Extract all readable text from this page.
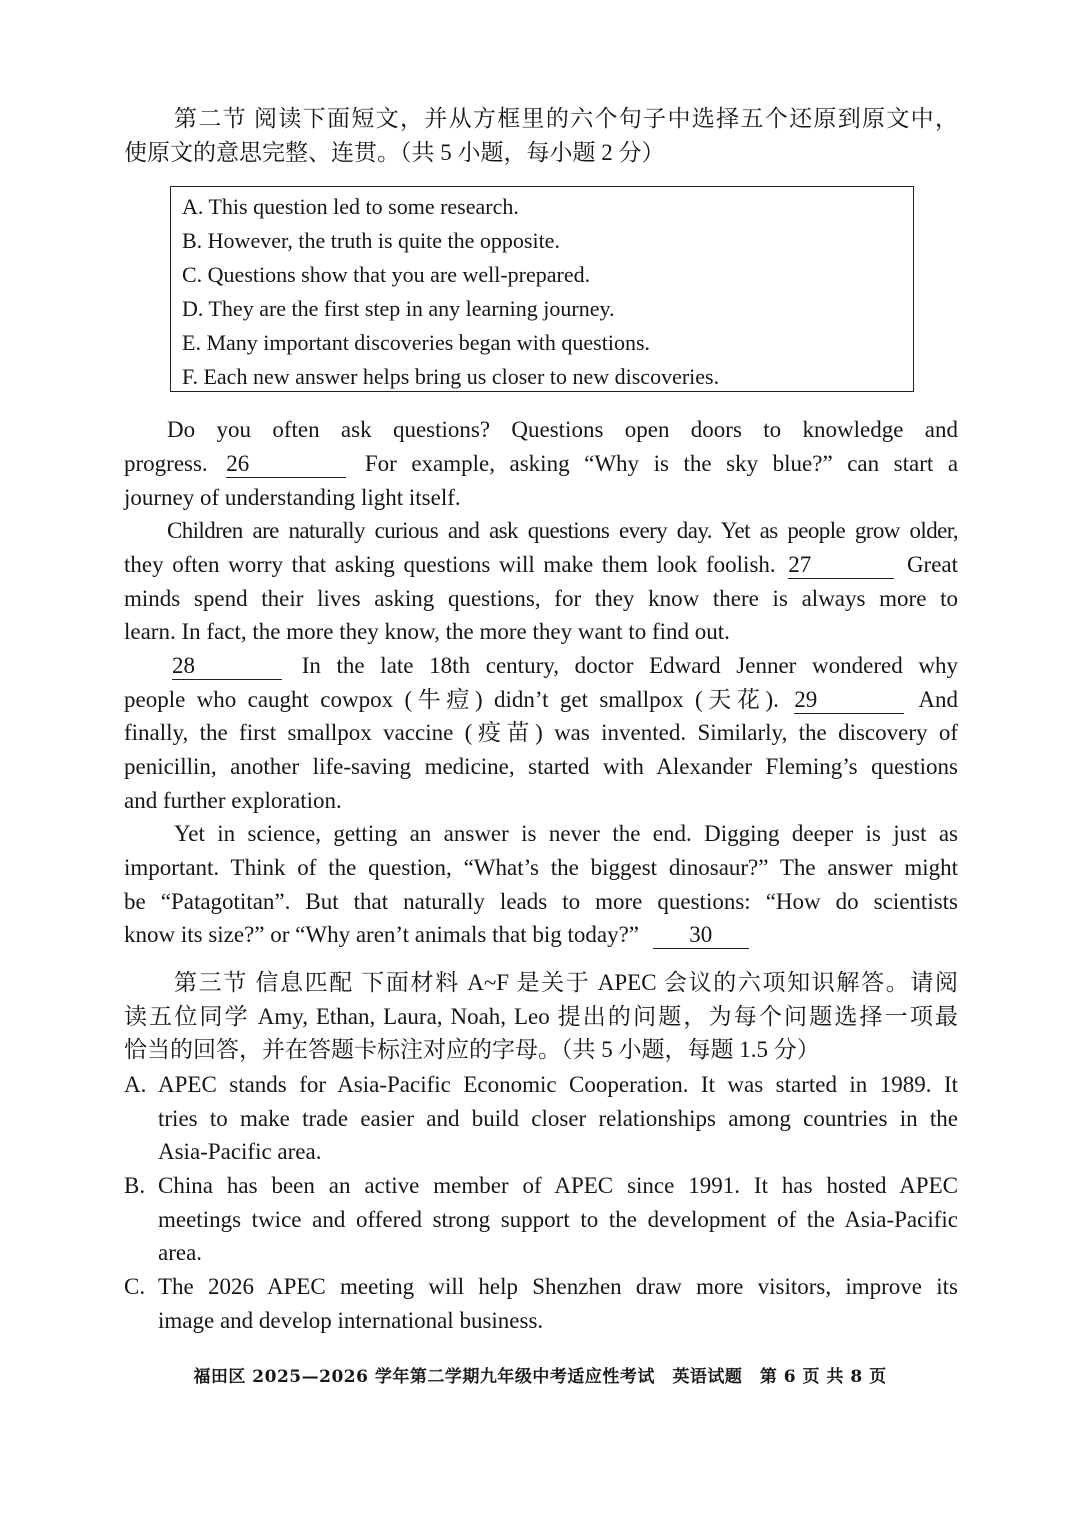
第二节 阅读下面短文，并从方框里的六个句子中选择五个还原到原文中，
使原文的意思完整、连贯。（共 5 小题，每小题 2 分）
A. This question led to some research.
B. However, the truth is quite the opposite.
C. Questions show that you are well-prepared.
D. They are the first step in any learning journey.
E. Many important discoveries began with questions.
F. Each new answer helps bring us closer to new discoveries.
Do you often ask questions? Questions open doors to knowledge and
progress. 26	For example, asking “Why is the sky blue?” can start a
journey of understanding light itself.
Children are naturally curious and ask questions every day. Yet as people grow older,
they often worry that asking questions will make them look foolish. 27	Great
minds spend their lives asking questions, for they know there is always more to
learn. In fact, the more they know, the more they want to find out.
28	In the late 18th century, doctor Edward Jenner wondered why
people who caught cowpox (牛痘) didn’t get smallpox (天花). 29	And
finally, the first smallpox vaccine (疫苗) was invented. Similarly, the discovery of
penicillin, another life-saving medicine, started with Alexander Fleming’s questions
and further exploration.
Yet in science, getting an answer is never the end. Digging deeper is just as
important. Think of the question, “What’s the biggest dinosaur?” The answer might
be “Patagotitan”. But that naturally leads to more questions: “How do scientists
know its size?” or “Why aren’t animals that big today?” 30
第三节 信息匹配 下面材料 A~F 是关于 APEC 会议的六项知识解答。请阅
读五位同学 Amy, Ethan, Laura, Noah, Leo 提出的问题，为每个问题选择一项最
恰当的回答，并在答题卡标注对应的字母。（共 5 小题，每题 1.5 分）
A. APEC stands for Asia-Pacific Economic Cooperation. It was started in 1989. It
tries to make trade easier and build closer relationships among countries in the
Asia-Pacific area.
B. China has been an active member of APEC since 1991. It has hosted APEC
meetings twice and offered strong support to the development of the Asia-Pacific
area.
C. The 2026 APEC meeting will help Shenzhen draw more visitors, improve its
image and develop international business.
福田区 2025—2026 学年第二学期九年级中考适应性考试　英语试题　第 6 页 共 8 页
